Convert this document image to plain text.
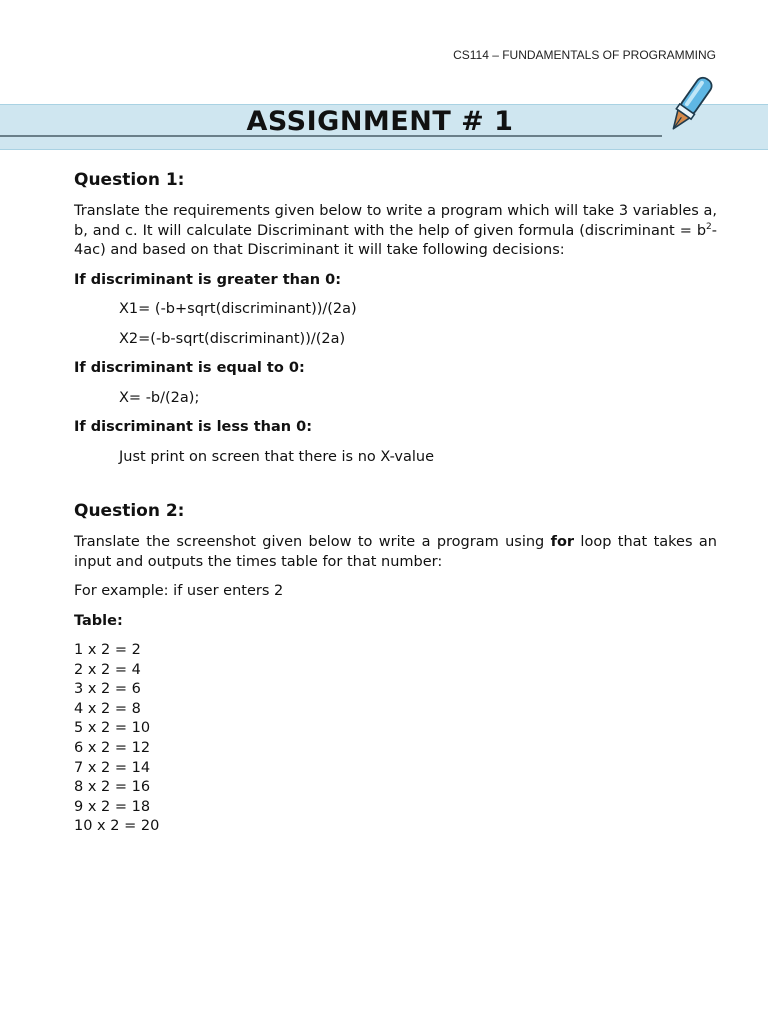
CS114 – FUNDAMENTALS OF PROGRAMMING
ASSIGNMENT # 1
Question 1:

Translate the requirements given below to write a program which will take 3 variables a, b, and c. It will calculate Discriminant with the help of given formula (discriminant = $b^2-4ac$) and based on that Discriminant it will take following decisions:

If discriminant is greater than 0:

X1= (-b+sqrt(discriminant))/(2a)

X2=(-b-sqrt(discriminant))/(2a)

If discriminant is equal to 0:

X= -b/(2a);

If discriminant is less than 0:

Just print on screen that there is no X-value

Question 2:

Translate the screenshot given below to write a program using for loop that takes an input and outputs the times table for that number:

For example: if user enters 2

Table:

1 x 2 = 2
2 x 2 = 4
3 x 2 = 6
4 x 2 = 8
5 x 2 = 10
6 x 2 = 12
7 x 2 = 14
8 x 2 = 16
9 x 2 = 18
10 x 2 = 20
